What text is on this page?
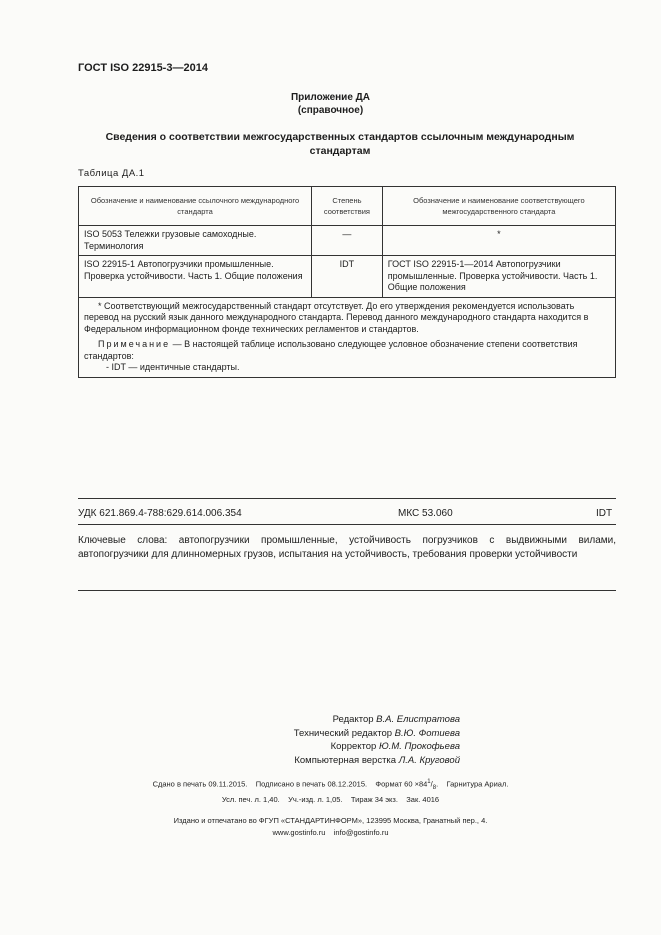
ГОСТ ISO 22915-3—2014
Приложение ДА
(справочное)
Сведения о соответствии межгосударственных стандартов ссылочным международным стандартам
Таблица ДА.1
Обозначение и наименование ссылочного международного стандарта	Степень соответствия	Обозначение и наименование соответствующего межгосударственного стандарта
ISO 5053 Тележки грузовые самоходные. Терминология	—	*
ISO 22915-1 Автопогрузчики промышленные. Проверка устойчивости. Часть 1. Общие положения	IDT	ГОСТ ISO 22915-1—2014 Автопогрузчики промышленные. Проверка устойчивости. Часть 1. Общие положения

* Соответствующий межгосударственный стандарт отсутствует. До его утверждения рекомендуется использовать перевод на русский язык данного международного стандарта. Перевод данного международного стандарта находится в Федеральном информационном фонде технических регламентов и стандартов.
Примечание — В настоящей таблице использовано следующее условное обозначение степени соответствия стандартов:
- IDT — идентичные стандарты.		
УДК 621.869.4-788:629.614.006.354	МКС 53.060	IDT
Ключевые слова: автопогрузчики промышленные, устойчивость погрузчиков с выдвижными вилами, автопогрузчики для длинномерных грузов, испытания на устойчивость, требования проверки устойчивости
Редактор В.А. Елистратова
Технический редактор В.Ю. Фотиева
Корректор Ю.М. Прокофьева
Компьютерная верстка Л.А. Круговой
Сдано в печать 09.11.2015.    Подписано в печать 08.12.2015.    Формат $60 \times 84^1/_8$.    Гарнитура Ариал.
Усл. печ. л. 1,40.    Уч.-изд. л. 1,05.    Тираж 34 экз.    Зак. 4016
Издано и отпечатано во ФГУП «СТАНДАРТИНФОРМ», 123995 Москва, Гранатный пер., 4.
www.gostinfo.ru    info@gostinfo.ru
